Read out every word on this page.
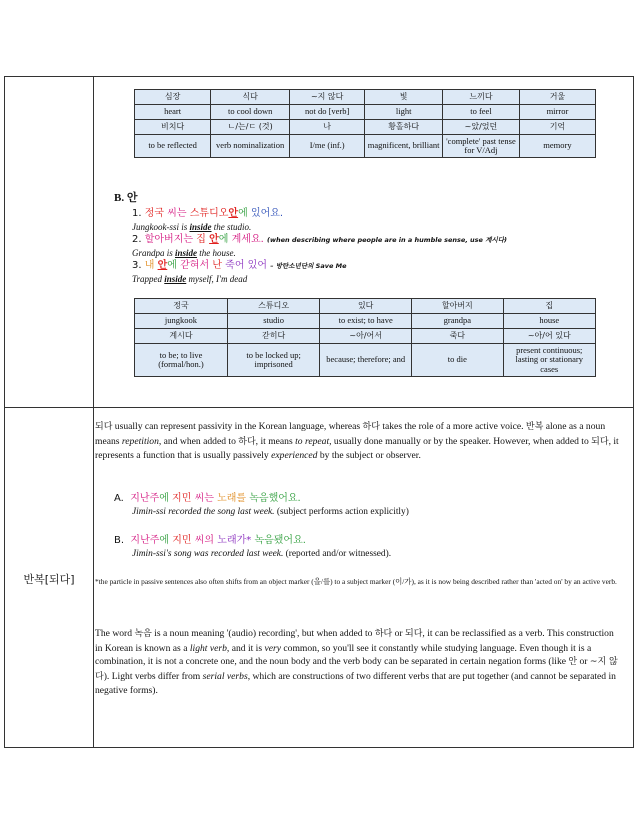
반복[되다]
심장	식다	~지 않다	빛	느끼다	거울
heart	to cool down	not do [verb]	light	to feel	mirror
비치다	ㄴ/는/ㄷ (것)	나	황홀하다	~았/었던	기억
to be reflected	verb nominalization	I/me (inf.)	magnificent, brilliant	'complete' past tense for V/Adj	memory
B. 안
1. 정국 씨는 스튜디오안에 있어요.
Jungkook-ssi is inside the studio.
2. 할아버지는 집 안에 계세요. (when describing where people are in a humble sense, use 계시다)
Grandpa is inside the house.
3. 내 안에 갇혀서 난 죽어 있어 – 방탄소년단의 Save Me
Trapped inside myself, I'm dead
정국	스튜디오	있다	할아버지	집
jungkook	studio	to exist; to have	grandpa	house
계시다	갇히다	~아/어서	죽다	~아/어 있다
to be; to live (formal/hon.)	to be locked up; imprisoned	because; therefore; and	to die	present continuous; lasting or stationary cases
되다 usually can represent passivity in the Korean language, whereas 하다 takes the role of a more active voice. 반복 alone as a noun means repetition, and when added to 하다, it means to repeat, usually done manually or by the speaker. However, when added to 되다, it represents a function that is usually passively experienced by the subject or observer.
A. 지난주에 지민 씨는 노래를 녹음했어요.
Jimin-ssi recorded the song last week. (subject performs action explicitly)
B. 지난주에 지민 씨의 노래가* 녹음됐어요.
Jimin-ssi's song was recorded last week. (reported and/or witnessed).
*the particle in passive sentences also often shifts from an object marker (을/를) to a subject marker (이/가), as it is now being described rather than 'acted on' by an active verb.
The word 녹음 is a noun meaning '(audio) recording', but when added to 하다 or 되다, it can be reclassified as a verb. This construction in Korean is known as a light verb, and it is very common, so you'll see it constantly while studying language. Even though it is a combination, it is not a concrete one, and the noun body and the verb body can be separated in certain negation forms (like 안 or ~지 않다). Light verbs differ from serial verbs, which are constructions of two different verbs that are put together (and cannot be separated in negative forms).
